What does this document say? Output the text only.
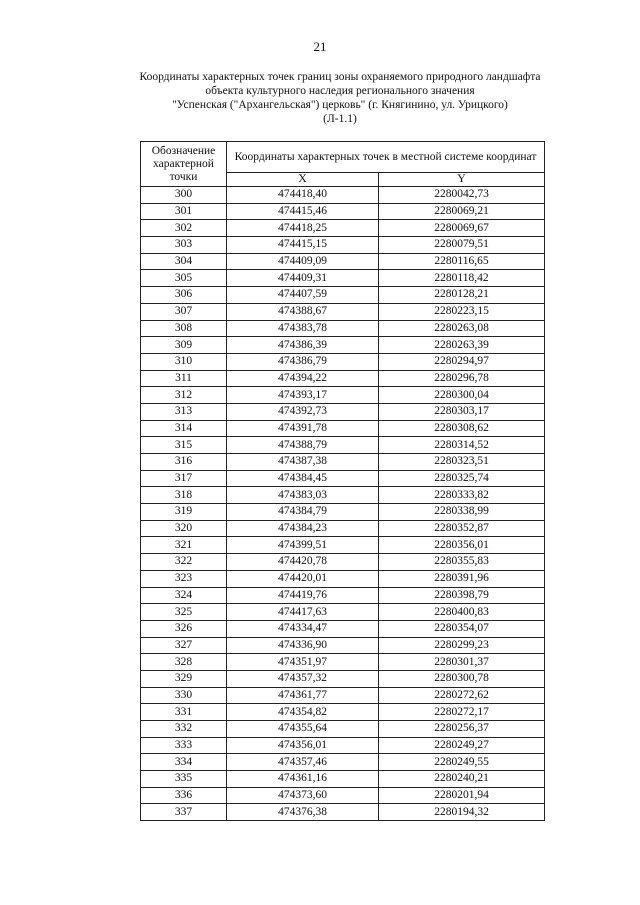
21
Координаты характерных точек границ зоны охраняемого природного ландшафта
объекта культурного наследия регионального значения
"Успенская ("Архангельская") церковь" (г. Княгинино, ул. Урицкого)
(Л-1.1)
Обозначение характерной точки	Координаты характерных точек в местной системе координат	
	X	Y
300	474418,40	2280042,73
301	474415,46	2280069,21
302	474418,25	2280069,67
303	474415,15	2280079,51
304	474409,09	2280116,65
305	474409,31	2280118,42
306	474407,59	2280128,21
307	474388,67	2280223,15
308	474383,78	2280263,08
309	474386,39	2280263,39
310	474386,79	2280294,97
311	474394,22	2280296,78
312	474393,17	2280300,04
313	474392,73	2280303,17
314	474391,78	2280308,62
315	474388,79	2280314,52
316	474387,38	2280323,51
317	474384,45	2280325,74
318	474383,03	2280333,82
319	474384,79	2280338,99
320	474384,23	2280352,87
321	474399,51	2280356,01
322	474420,78	2280355,83
323	474420,01	2280391,96
324	474419,76	2280398,79
325	474417,63	2280400,83
326	474334,47	2280354,07
327	474336,90	2280299,23
328	474351,97	2280301,37
329	474357,32	2280300,78
330	474361,77	2280272,62
331	474354,82	2280272,17
332	474355,64	2280256,37
333	474356,01	2280249,27
334	474357,46	2280249,55
335	474361,16	2280240,21
336	474373,60	2280201,94
337	474376,38	2280194,32
